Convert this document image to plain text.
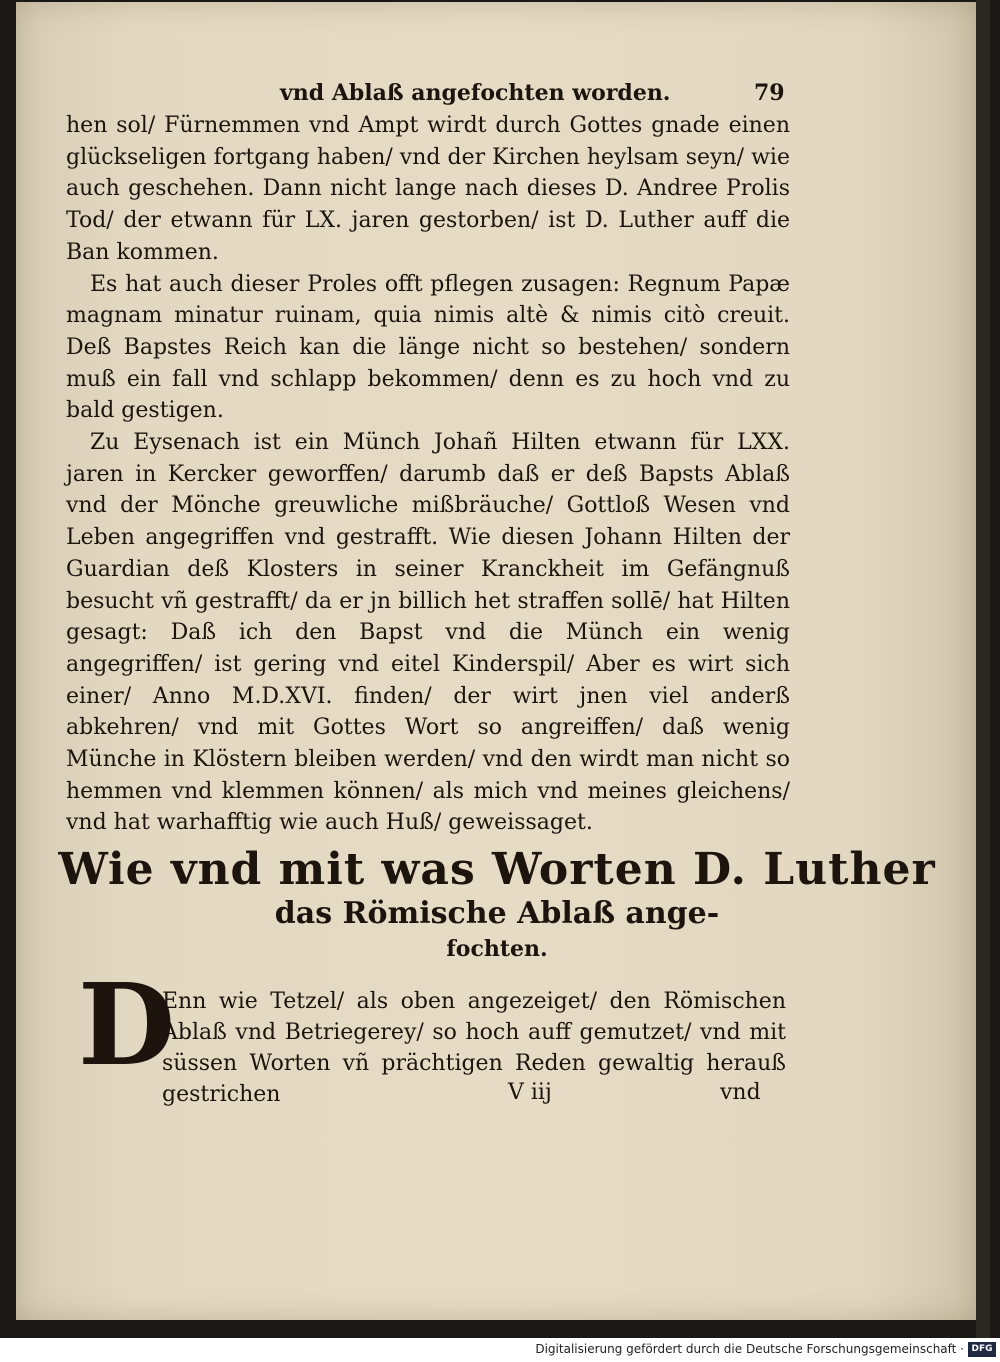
vnd Ablaß angefochten worden.	79

hen sol/ Fürnemmen vnd Ampt wirdt durch Gottes gnade einen glückseligen fortgang haben/ vnd der Kirchen heylsam seyn/ wie auch geschehen. Dann nicht lange nach dieses D. Andree Prolis Tod/ der etwann für LX. jaren gestorben/ ist D. Luther auff die Ban kommen.

Es hat auch dieser Proles offt pflegen zusagen: Regnum Papæ magnam minatur ruinam, quia nimis altè & nimis citò creuit. Deß Bapstes Reich kan die länge nicht so bestehen/ sondern muß ein fall vnd schlapp bekommen/ denn es zu hoch vnd zu bald gestigen.

Zu Eysenach ist ein Münch Johañ Hilten etwann für LXX. jaren in Kercker geworffen/ darumb daß er deß Bapsts Ablaß vnd der Mönche greuwliche mißbräuche/ Gottloß Wesen vnd Leben angegriffen vnd gestrafft. Wie diesen Johann Hilten der Guardian deß Klosters in seiner Kranckheit im Gefängnuß besucht vñ gestrafft/ da er jn billich het straffen sollē/ hat Hilten gesagt: Daß ich den Bapst vnd die Münch ein wenig angegriffen/ ist gering vnd eitel Kinderspil/ Aber es wirt sich einer/ Anno M.D.XVI. finden/ der wirt jnen viel anderß abkehren/ vnd mit Gottes Wort so angreiffen/ daß wenig Münche in Klöstern bleiben werden/ vnd den wirdt man nicht so hemmen vnd klemmen können/ als mich vnd meines gleichens/ vnd hat warhafftig wie auch Huß/ geweissaget.

Wie vnd mit was Worten D. Luther
das Römische Ablaß ange-
fochten.
D
Enn wie Tetzel/ als oben angezeiget/ den Römischen Ablaß vnd Betriegerey/ so hoch auff gemutzet/ vnd mit süssen Worten vñ prächtigen Reden gewaltig herauß gestrichen	V iij	vnd
Digitalisierung gefördert durch die Deutsche Forschungsgemeinschaft · DFG
